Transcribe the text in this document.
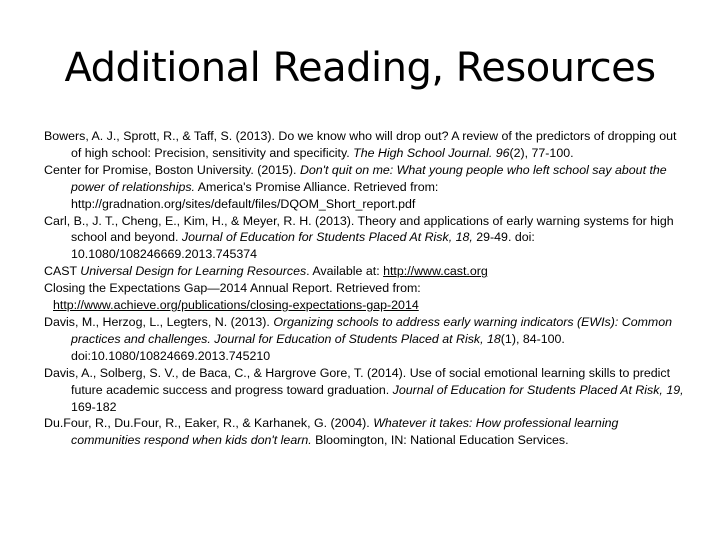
Additional Reading, Resources

Bowers, A. J., Sprott, R., & Taff, S. (2013). Do we know who will drop out? A review of the predictors of dropping out of high school: Precision, sensitivity and specificity. The High School Journal. 96(2), 77-100.

Center for Promise, Boston University. (2015). Don't quit on me: What young people who left school say about the power of relationships. America's Promise Alliance. Retrieved from: http://gradnation.org/sites/default/files/DQOM_Short_report.pdf

Carl, B., J. T., Cheng, E., Kim, H., & Meyer, R. H. (2013). Theory and applications of early warning systems for high school and beyond. Journal of Education for Students Placed At Risk, 18, 29-49. doi: 10.1080/108246669.2013.745374

CAST Universal Design for Learning Resources. Available at: http://www.cast.org

Closing the Expectations Gap—2014 Annual Report. Retrieved from:
http://www.achieve.org/publications/closing-expectations-gap-2014

Davis, M., Herzog, L., Legters, N. (2013). Organizing schools to address early warning indicators (EWIs): Common practices and challenges. Journal for Education of Students Placed at Risk, 18(1), 84-100. doi:10.1080/10824669.2013.745210

Davis, A., Solberg, S. V., de Baca, C., & Hargrove Gore, T. (2014). Use of social emotional learning skills to predict future academic success and progress toward graduation. Journal of Education for Students Placed At Risk, 19, 169-182

Du.Four, R., Du.Four, R., Eaker, R., & Karhanek, G. (2004). Whatever it takes: How professional learning communities respond when kids don't learn. Bloomington, IN: National Education Services.
